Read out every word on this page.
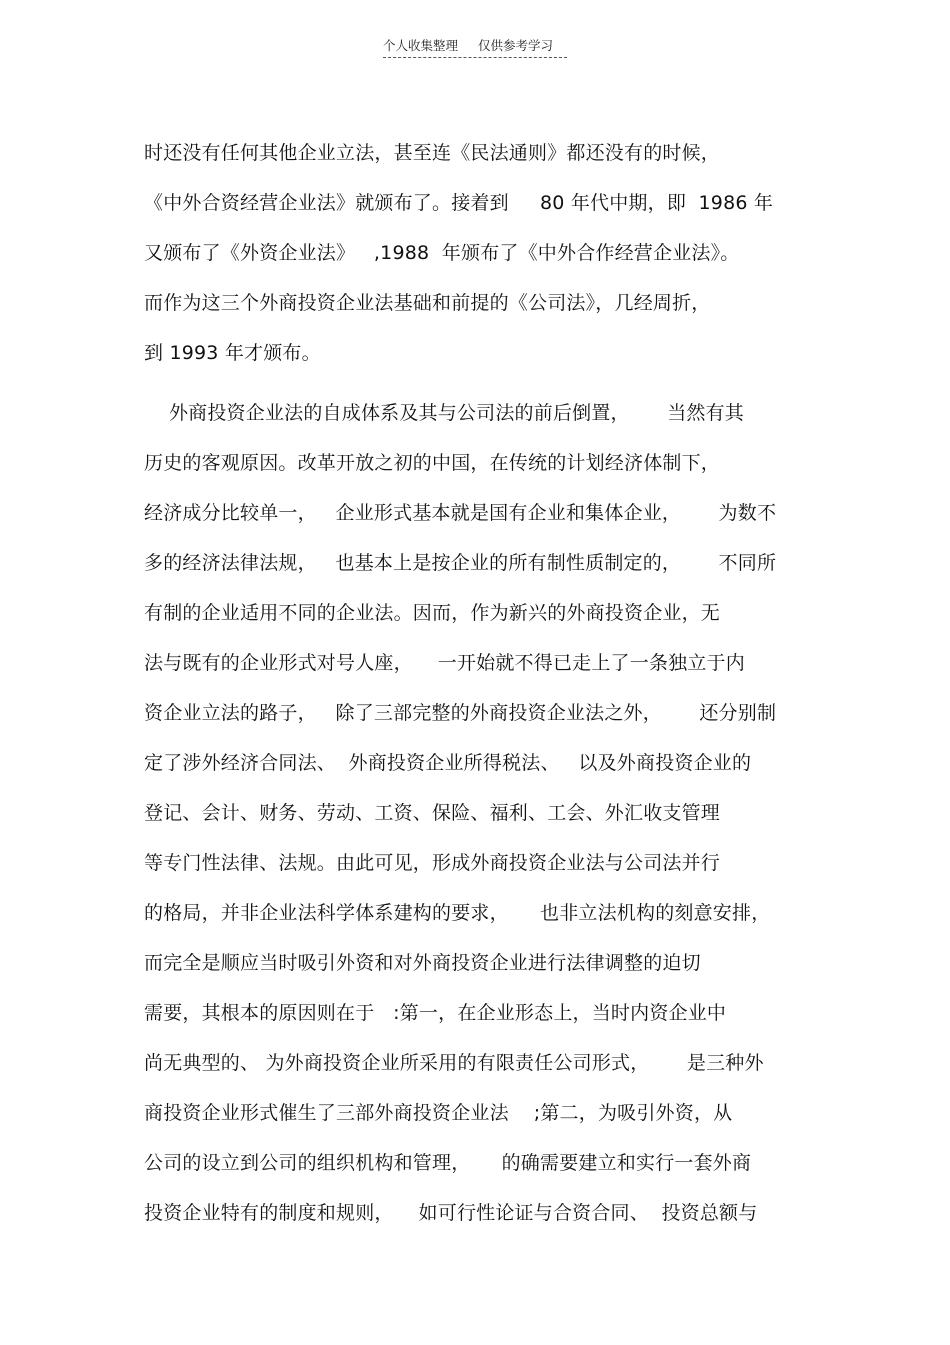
个人收集整理 仅供参考学习
时还没有任何其他企业立法，甚至连《民法通则》都还没有的时候，
《中外合资经营企业法》就颁布了。接着到     80 年代中期，即  1986 年
又颁布了《外资企业法》   ,1988  年颁布了《中外合作经营企业法》。
而作为这三个外商投资企业法基础和前提的《公司法》，几经周折，
到 1993 年才颁布。
外商投资企业法的自成体系及其与公司法的前后倒置，      当然有其
历史的客观原因。改革开放之初的中国，在传统的计划经济体制下，
经济成分比较单一，   企业形式基本就是国有企业和集体企业，      为数不
多的经济法律法规，   也基本上是按企业的所有制性质制定的，      不同所
有制的企业适用不同的企业法。因而，作为新兴的外商投资企业，无
法与既有的企业形式对号人座，    一开始就不得已走上了一条独立于内
资企业立法的路子，   除了三部完整的外商投资企业法之外，      还分别制
定了涉外经济合同法、  外商投资企业所得税法、   以及外商投资企业的
登记、会计、财务、劳动、工资、保险、福利、工会、外汇收支管理
等专门性法律、法规。由此可见，形成外商投资企业法与公司法并行
的格局，并非企业法科学体系建构的要求，     也非立法机构的刻意安排，
而完全是顺应当时吸引外资和对外商投资企业进行法律调整的迫切
需要，其根本的原因则在于   :第一，在企业形态上，当时内资企业中
尚无典型的、 为外商投资企业所采用的有限责任公司形式，      是三种外
商投资企业形式催生了三部外商投资企业法    ;第二，为吸引外资，从
公司的设立到公司的组织机构和管理，     的确需要建立和实行一套外商
投资企业特有的制度和规则，    如可行性论证与合资合同、  投资总额与
